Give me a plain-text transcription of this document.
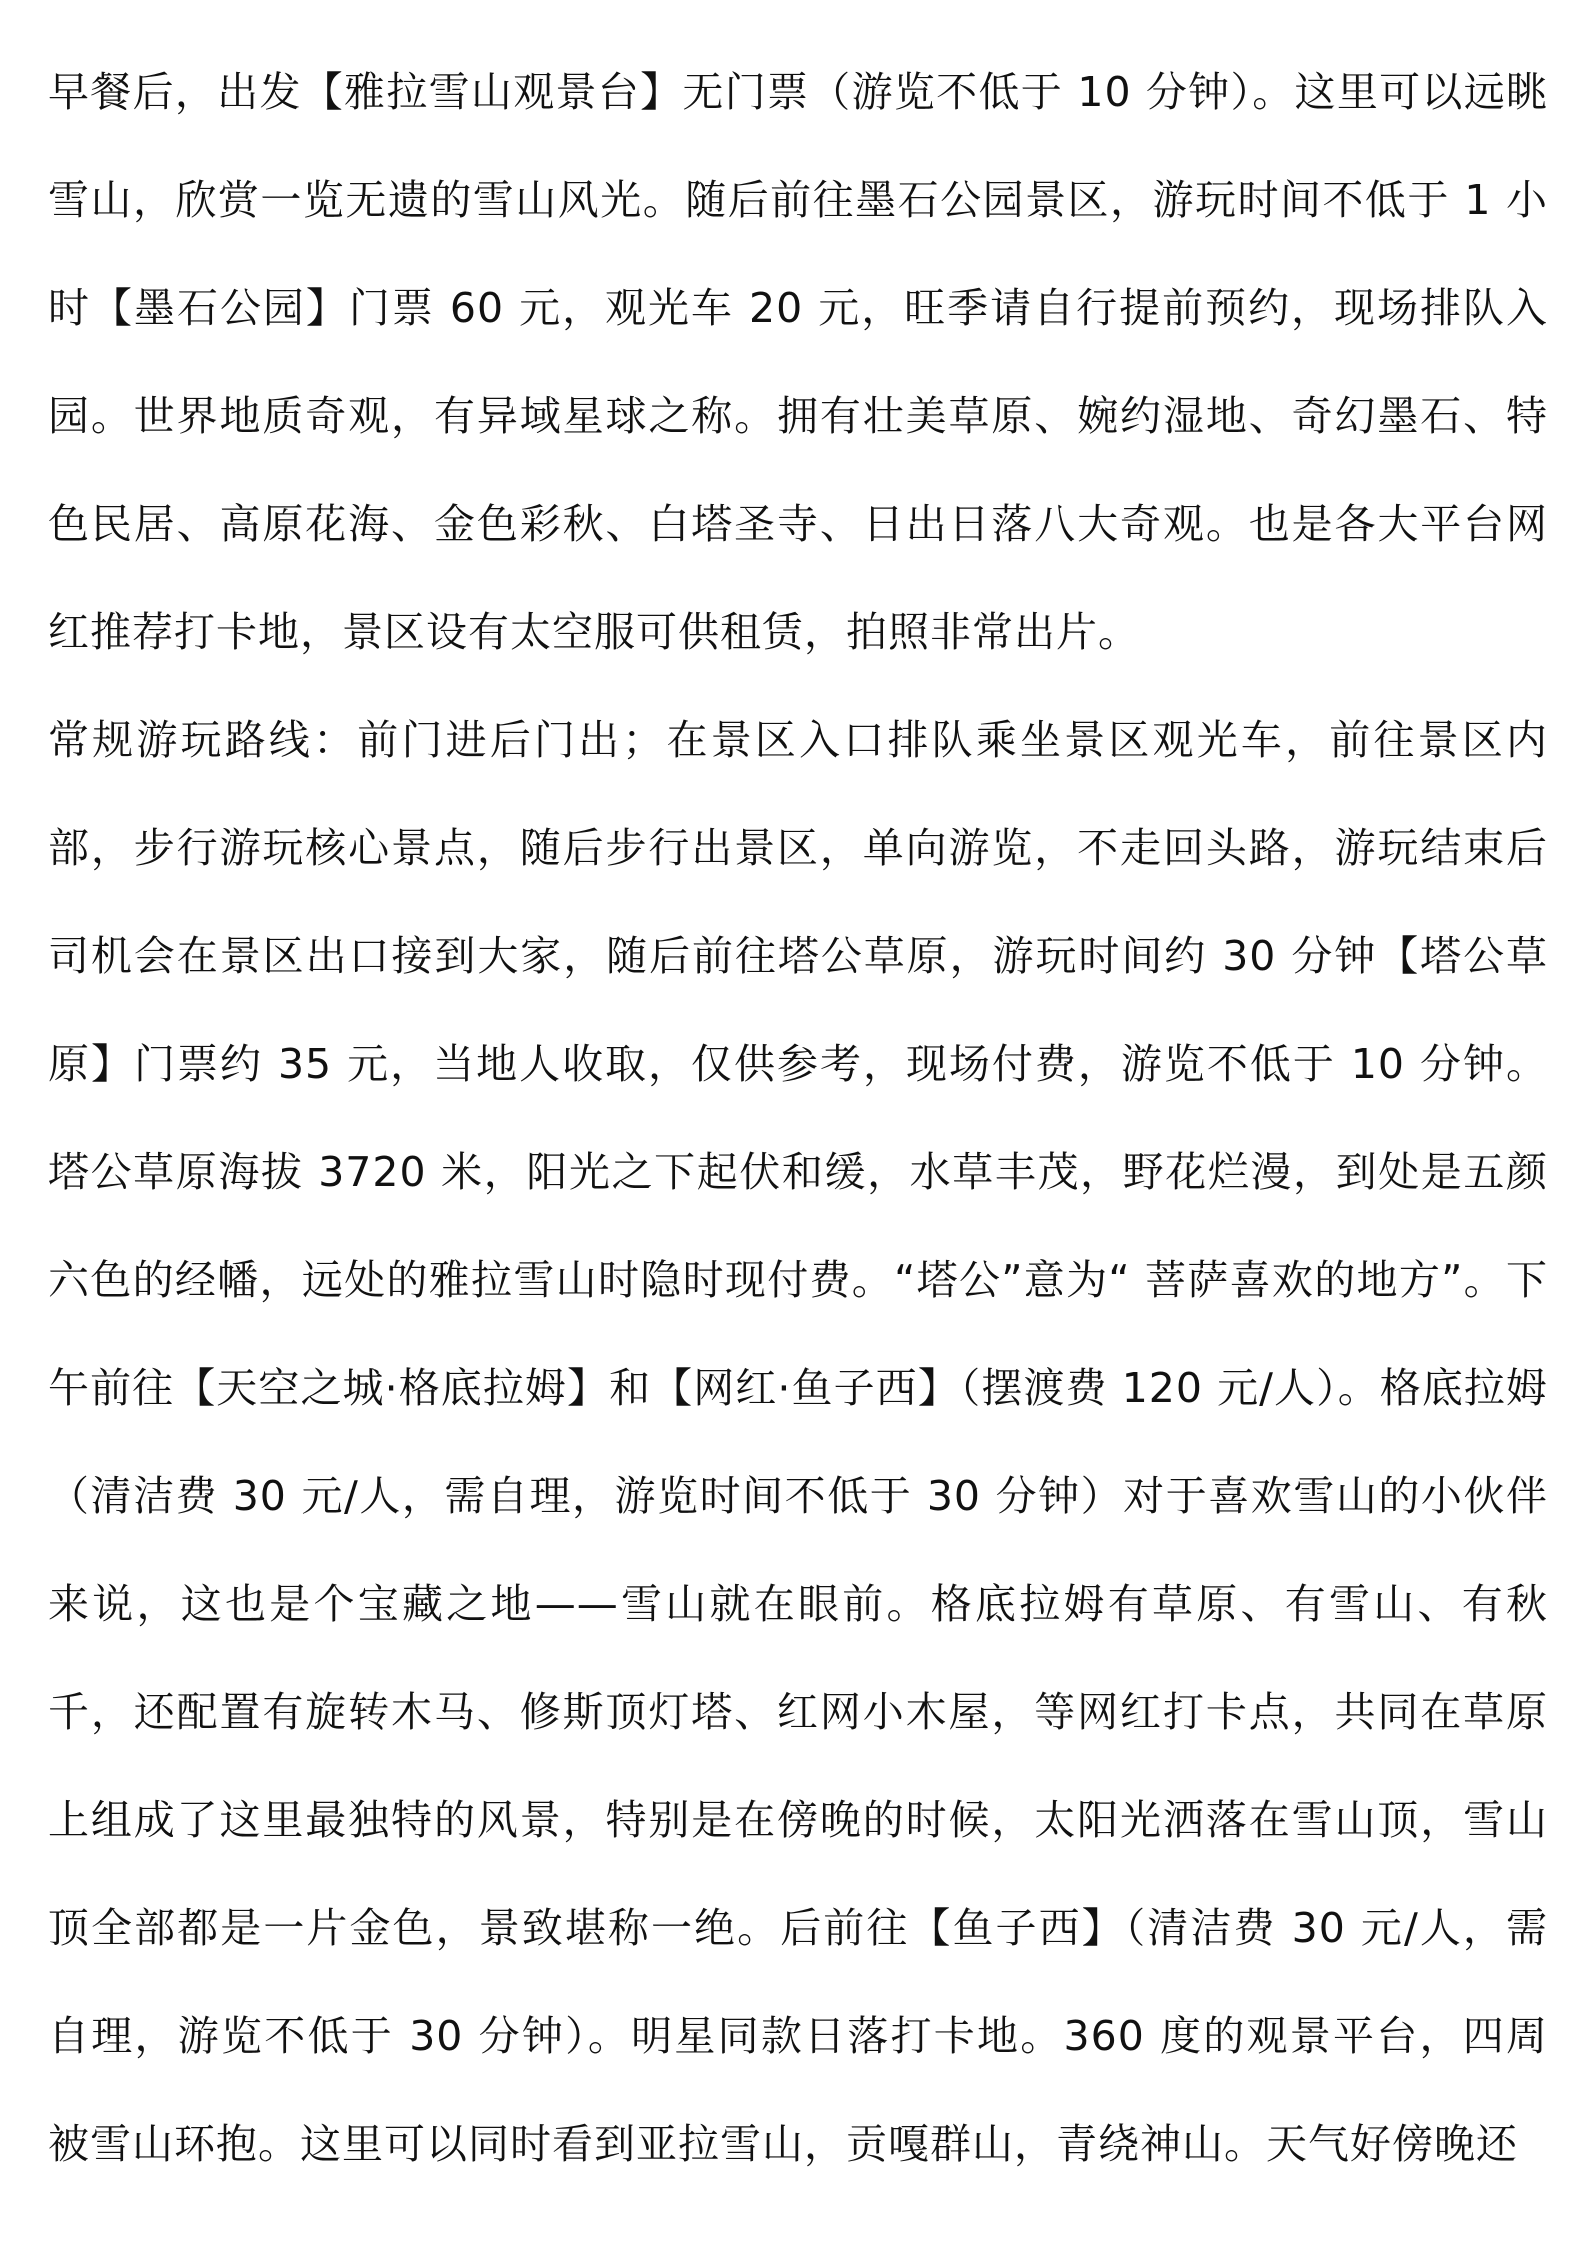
早餐后，出发【雅拉雪山观景台】无门票（游览不低于 10 分钟）。这里可以远眺雪山，欣赏一览无遗的雪山风光。随后前往墨石公园景区，游玩时间不低于 1 小时【墨石公园】门票 60 元，观光车 20 元，旺季请自行提前预约，现场排队入园。世界地质奇观，有异域星球之称。拥有壮美草原、婉约湿地、奇幻墨石、特色民居、高原花海、金色彩秋、白塔圣寺、日出日落八大奇观。也是各大平台网红推荐打卡地，景区设有太空服可供租赁，拍照非常出片。

常规游玩路线：前门进后门出；在景区入口排队乘坐景区观光车，前往景区内部，步行游玩核心景点，随后步行出景区，单向游览，不走回头路，游玩结束后司机会在景区出口接到大家，随后前往塔公草原，游玩时间约 30 分钟【塔公草原】门票约 35 元，当地人收取，仅供参考，现场付费，游览不低于 10 分钟。塔公草原海拔 3720 米，阳光之下起伏和缓，水草丰茂，野花烂漫，到处是五颜六色的经幡，远处的雅拉雪山时隐时现付费。“塔公”意为“ 菩萨喜欢的地方”。下午前往【天空之城·格底拉姆】和【网红·鱼子西】（摆渡费 120 元/人）。格底拉姆（清洁费 30 元/人，需自理，游览时间不低于 30 分钟）对于喜欢雪山的小伙伴来说，这也是个宝藏之地——雪山就在眼前。格底拉姆有草原、有雪山、有秋千，还配置有旋转木马、修斯顶灯塔、红网小木屋，等网红打卡点，共同在草原上组成了这里最独特的风景，特别是在傍晚的时候，太阳光洒落在雪山顶，雪山顶全部都是一片金色，景致堪称一绝。后前往【鱼子西】（清洁费 30 元/人，需自理，游览不低于 30 分钟）。明星同款日落打卡地。360 度的观景平台，四周被雪山环抱。这里可以同时看到亚拉雪山，贡嘎群山，青绕神山。天气好傍晚还
